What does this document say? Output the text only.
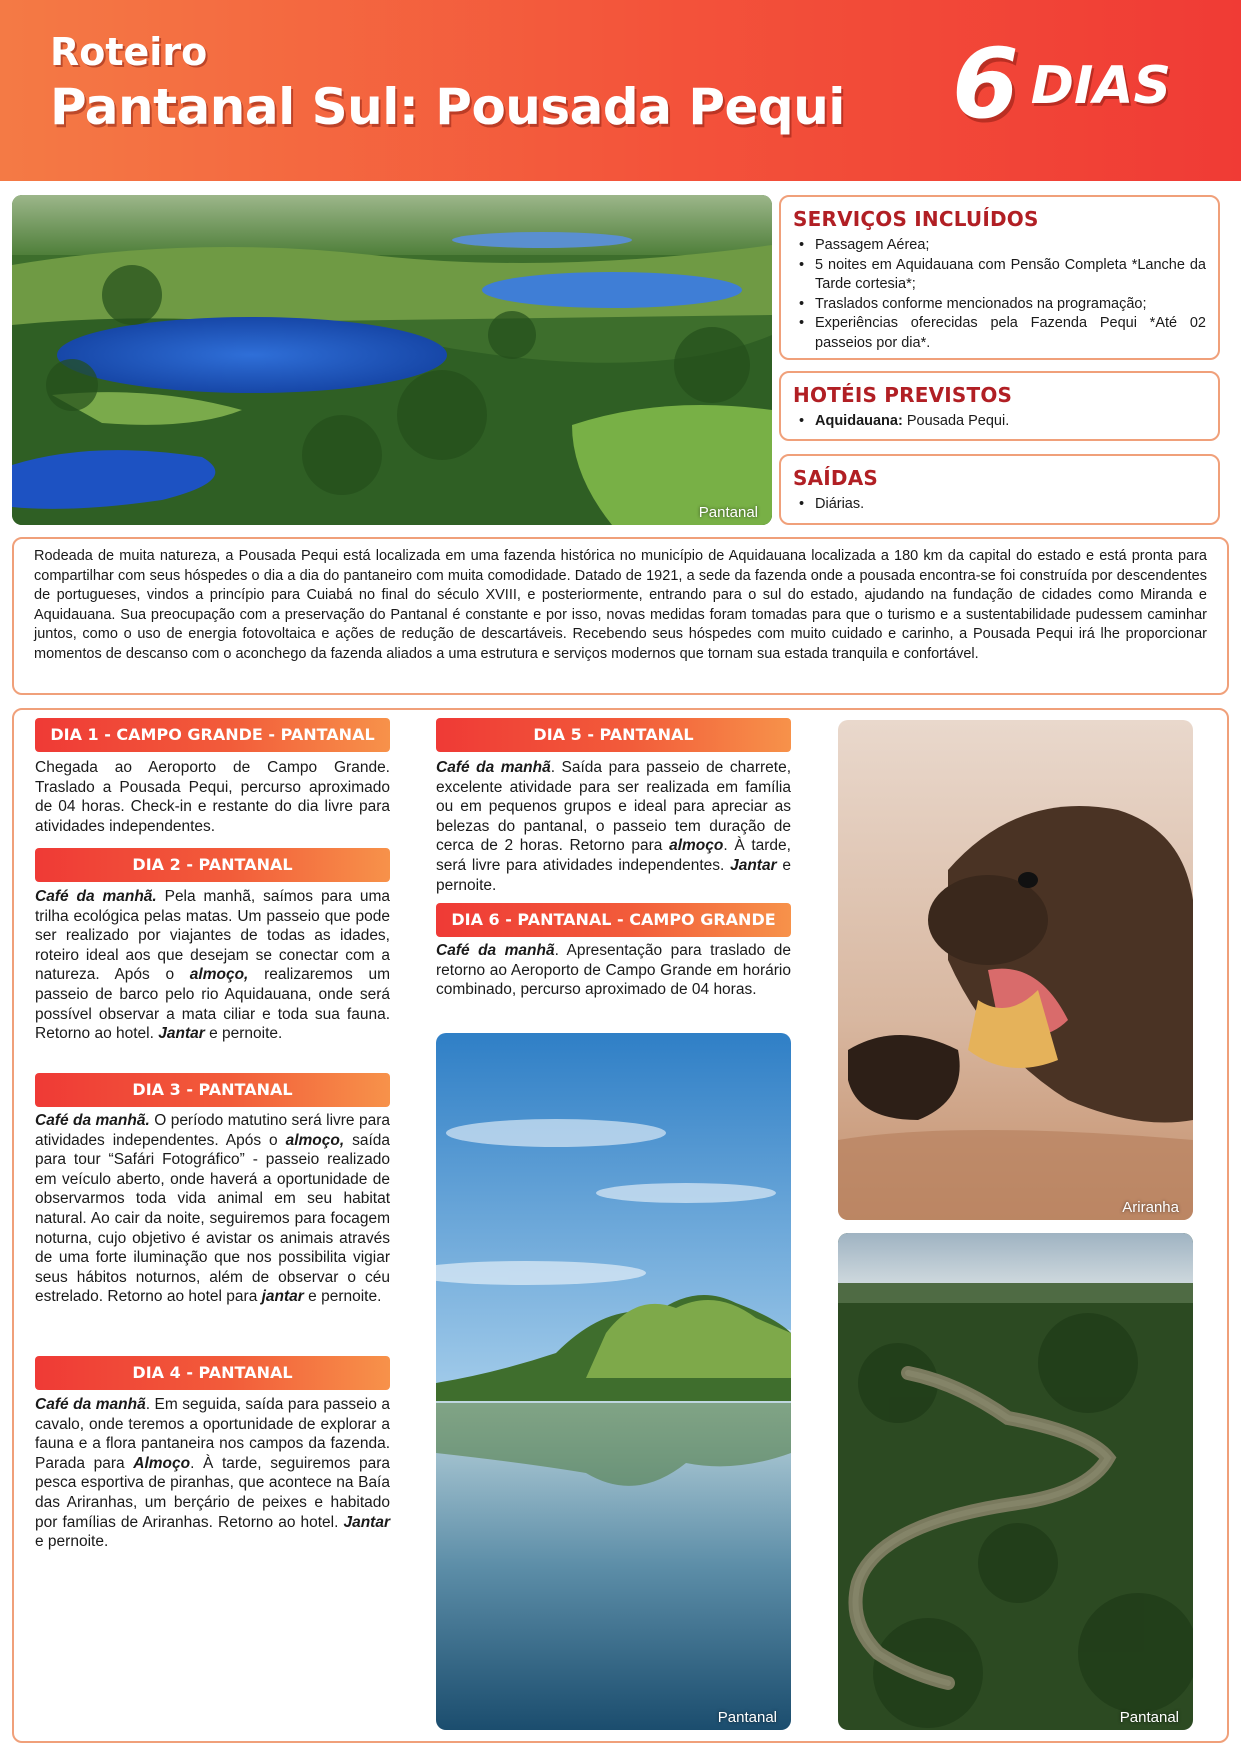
Roteiro
Pantanal Sul: Pousada Pequi 6 DIAS
Pantanal
SERVIÇOS INCLUÍDOS
• Passagem Aérea;
• 5 noites em Aquidauana com Pensão Completa *Lanche da Tarde cortesia*;
• Traslados conforme mencionados na programação;
• Experiências oferecidas pela Fazenda Pequi *Até 02 passeios por dia*.
HOTÉIS PREVISTOS
• Aquidauana: Pousada Pequi.
SAÍDAS
• Diárias.

Rodeada de muita natureza, a Pousada Pequi está localizada em uma fazenda histórica no município de Aquidauana localizada a 180 km da capital do estado e está pronta para compartilhar com seus hóspedes o dia a dia do pantaneiro com muita comodidade. Datado de 1921, a sede da fazenda onde a pousada encontra-se foi construída por descendentes de portugueses, vindos a princípio para Cuiabá no final do século XVIII, e posteriormente, entrando para o sul do estado, ajudando na fundação de cidades como Miranda e Aquidauana. Sua preocupação com a preservação do Pantanal é constante e por isso, novas medidas foram tomadas para que o turismo e a sustentabilidade pudessem caminhar juntos, como o uso de energia fotovoltaica e ações de redução de descartáveis. Recebendo seus hóspedes com muito cuidado e carinho, a Pousada Pequi irá lhe proporcionar momentos de descanso com o aconchego da fazenda aliados a uma estrutura e serviços modernos que tornam sua estada tranquila e confortável.

DIA 1 - CAMPO GRANDE - PANTANAL
Chegada ao Aeroporto de Campo Grande. Traslado a Pousada Pequi, percurso aproximado de 04 horas. Check-in e restante do dia livre para atividades independentes.
DIA 2 - PANTANAL
Café da manhã. Pela manhã, saímos para uma trilha ecológica pelas matas. Um passeio que pode ser realizado por viajantes de todas as idades, roteiro ideal aos que desejam se conectar com a natureza. Após o almoço, realizaremos um passeio de barco pelo rio Aquidauana, onde será possível observar a mata ciliar e toda sua fauna. Retorno ao hotel. Jantar e pernoite.
DIA 3 - PANTANAL
Café da manhã. O período matutino será livre para atividades independentes. Após o almoço, saída para tour “Safári Fotográfico” - passeio realizado em veículo aberto, onde haverá a oportunidade de observarmos toda vida animal em seu habitat natural. Ao cair da noite, seguiremos para focagem noturna, cujo objetivo é avistar os animais através de uma forte iluminação que nos possibilita vigiar seus hábitos noturnos, além de observar o céu estrelado. Retorno ao hotel para jantar e pernoite.
DIA 4 - PANTANAL
Café da manhã. Em seguida, saída para passeio a cavalo, onde teremos a oportunidade de explorar a fauna e a flora pantaneira nos campos da fazenda. Parada para Almoço. À tarde, seguiremos para pesca esportiva de piranhas, que acontece na Baía das Ariranhas, um berçário de peixes e habitado por famílias de Ariranhas. Retorno ao hotel. Jantar e pernoite.
DIA 5 - PANTANAL
Café da manhã. Saída para passeio de charrete, excelente atividade para ser realizada em família ou em pequenos grupos e ideal para apreciar as belezas do pantanal, o passeio tem duração de cerca de 2 horas. Retorno para almoço. À tarde, será livre para atividades independentes. Jantar e pernoite.
DIA 6 - PANTANAL - CAMPO GRANDE
Café da manhã. Apresentação para traslado de retorno ao Aeroporto de Campo Grande em horário combinado, percurso aproximado de 04 horas.
Pantanal
Ariranha
Pantanal
